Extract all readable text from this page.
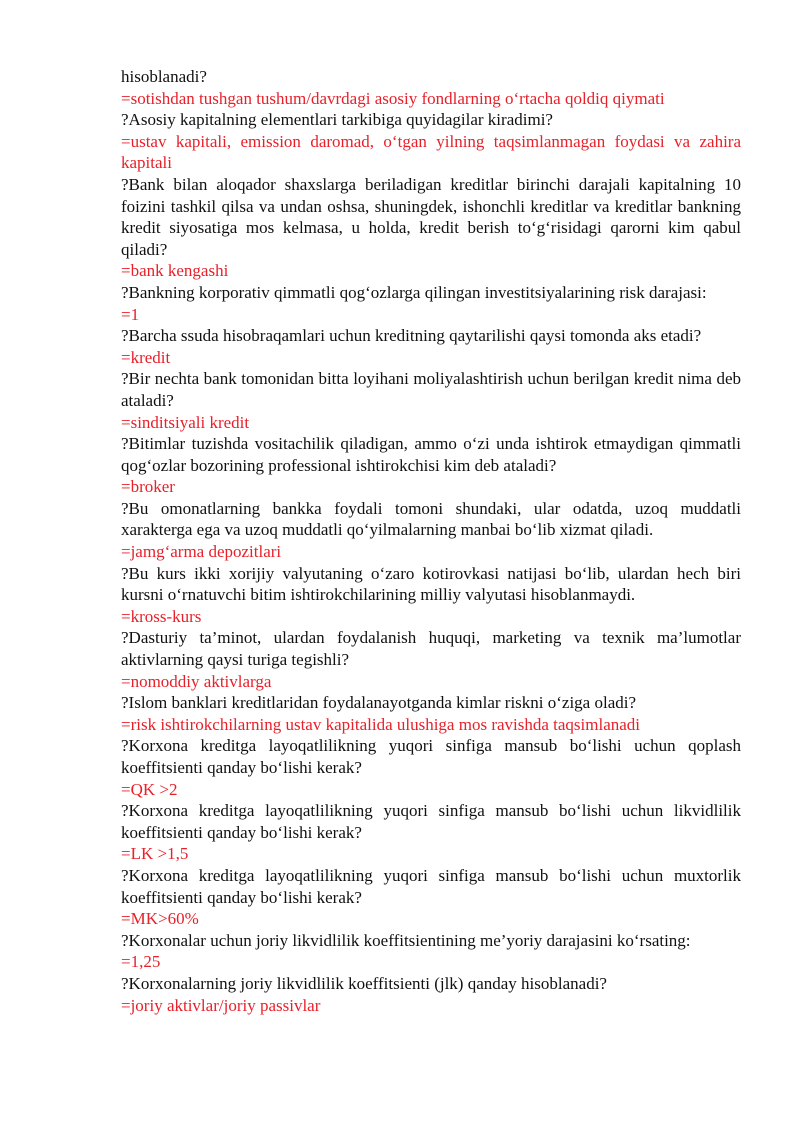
hisoblanadi?

=sotishdan tushgan tushum/davrdagi asosiy fondlarning o‘rtacha qoldiq qiymati

?Asosiy kapitalning elementlari tarkibiga quyidagilar kiradimi?

=ustav kapitali, emission daromad, o‘tgan yilning taqsimlanmagan foydasi va zahira kapitali

?Bank bilan aloqador shaxslarga beriladigan kreditlar birinchi darajali kapitalning 10 foizini tashkil qilsa va undan oshsa, shuningdek, ishonchli kreditlar va kreditlar bankning kredit siyosatiga mos kelmasa, u holda, kredit berish to‘g‘risidagi qarorni kim qabul qiladi?

=bank kengashi

?Bankning korporativ qimmatli qog‘ozlarga qilingan investitsiyalarining risk darajasi:

=1

?Barcha ssuda hisobraqamlari uchun kreditning qaytarilishi qaysi tomonda aks etadi?

=kredit

?Bir nechta bank tomonidan bitta loyihani moliyalashtirish uchun berilgan kredit nima deb ataladi?

=sinditsiyali kredit

?Bitimlar tuzishda vositachilik qiladigan, ammo o‘zi unda ishtirok etmaydigan qimmatli qog‘ozlar bozorining professional ishtirokchisi kim deb ataladi?

=broker

?Bu omonatlarning bankka foydali tomoni shundaki, ular odatda, uzoq muddatli xarakterga ega va uzoq muddatli qo‘yilmalarning manbai bo‘lib xizmat qiladi.

=jamg‘arma depozitlari

?Bu kurs ikki xorijiy valyutaning o‘zaro kotirovkasi natijasi bo‘lib, ulardan hech biri kursni o‘rnatuvchi bitim ishtirokchilarining milliy valyutasi hisoblanmaydi.

=kross-kurs

?Dasturiy ta’minot, ulardan foydalanish huquqi, marketing va texnik ma’lumotlar aktivlarning qaysi turiga tegishli?

=nomoddiy aktivlarga

?Islom banklari kreditlaridan foydalanayotganda kimlar riskni o‘ziga oladi?

=risk ishtirokchilarning ustav kapitalida ulushiga mos ravishda taqsimlanadi

?Korxona kreditga layoqatlilikning yuqori sinfiga mansub bo‘lishi uchun qoplash koeffitsienti qanday bo‘lishi kerak?

=QK >2

?Korxona kreditga layoqatlilikning yuqori sinfiga mansub bo‘lishi uchun likvidlilik koeffitsienti qanday bo‘lishi kerak?

=LK >1,5

?Korxona kreditga layoqatlilikning yuqori sinfiga mansub bo‘lishi uchun muxtorlik koeffitsienti qanday bo‘lishi kerak?

=MK>60%

?Korxonalar uchun joriy likvidlilik koeffitsientining me’yoriy darajasini ko‘rsating:

=1,25

?Korxonalarning joriy likvidlilik koeffitsienti (jlk) qanday hisoblanadi?

=joriy aktivlar/joriy passivlar
